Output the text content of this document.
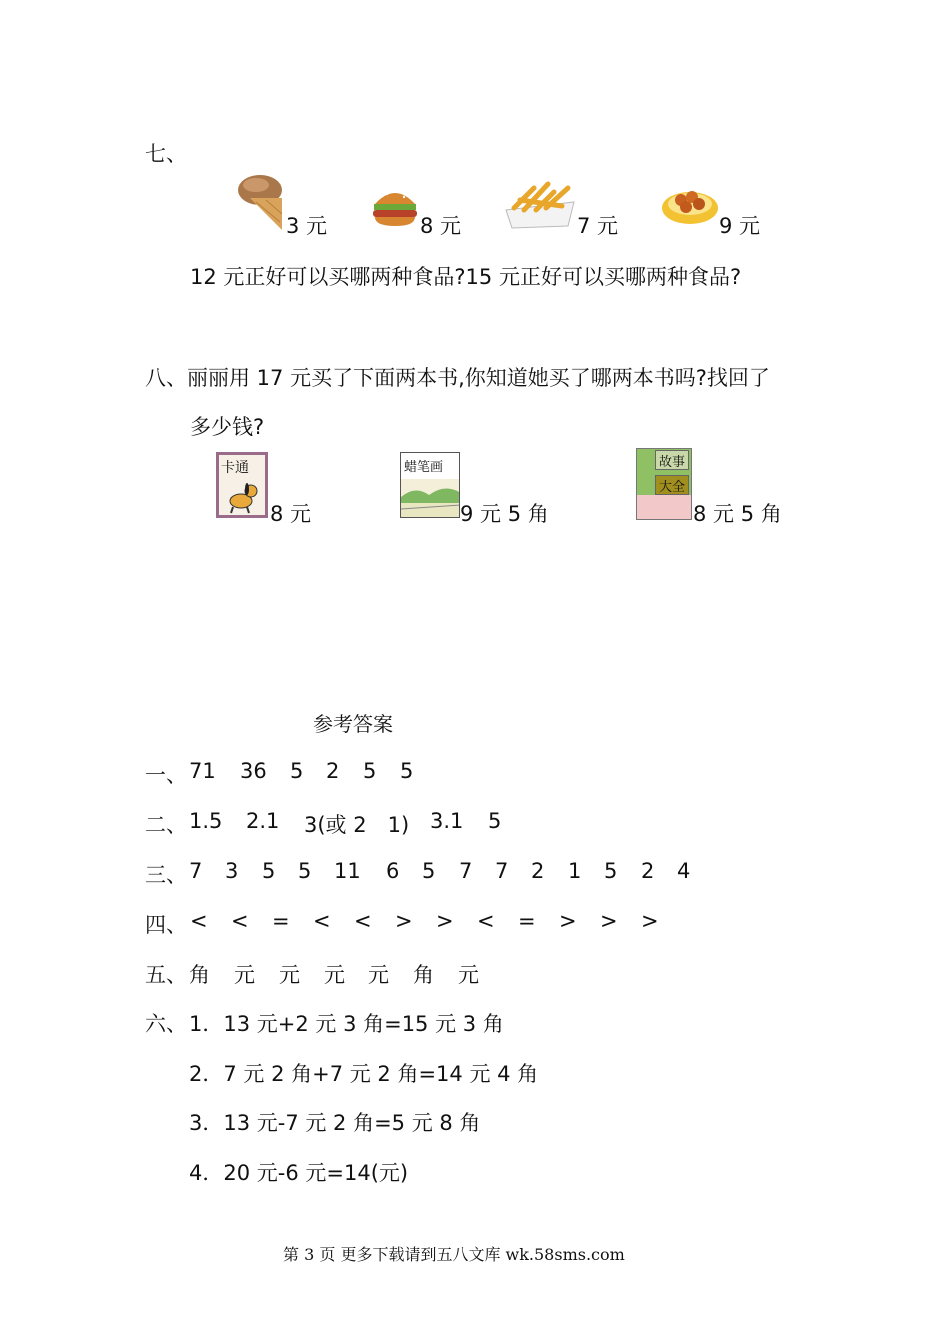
七、
3 元	8 元	7 元	9 元
12 元正好可以买哪两种食品?15 元正好可以买哪两种食品?
八、丽丽用 17 元买了下面两本书,你知道她买了哪两本书吗?找回了
多少钱?
卡通
8 元
蜡笔画
9 元 5 角
故事
大全
8 元 5 角
参考答案
一、 71 36 5 2 5 5
二、 1.5 2.1 3(或 2　1) 3.1 5
三、 7 3 5 5 11 6 5 7 7 2 1 5 2 4
四、 < < = < < > > < = > > >
五、 角 元 元 元 元 角 元
六、 1．13 元+2 元 3 角=15 元 3 角
2．7 元 2 角+7 元 2 角=14 元 4 角
3．13 元-7 元 2 角=5 元 8 角
4．20 元-6 元=14(元)
第 3 页 更多下载请到五八文库 wk.58sms.com
